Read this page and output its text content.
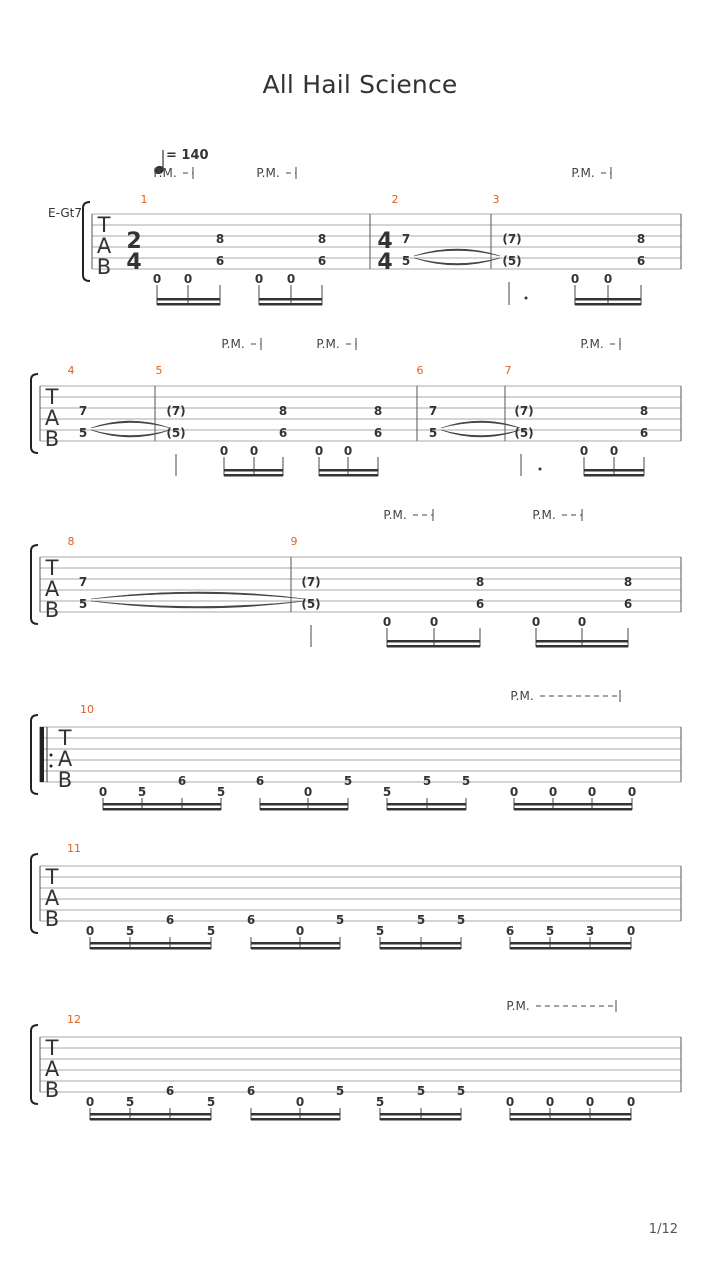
All Hail Science
T
A
B
E-Gt7
= 140
2
4
1
P.M.	P.M.
0 0
8
6
0 0
8
6
4
4
2
7
5
3
(7)
(5)
P.M.
0 0
8
6
T
A
B
4
7
5
5
(7)
(5)
P.M.	P.M.
0 0
8
6
0 0
8
6
6
7
5
7
(7)
(5)
P.M.
0 0
8
6
T
A
B
8
7
5
9
(7)
(5)
P.M.	P.M.
0	0
8
6
0	0
8
6
T
A
B
10
0	5
6
5
6
0
5
5
5	5
0	0	0	0
P.M.
T
A
B
11
0	5
6
5
6
0
5
5
5	5
6	5	3	0
T
A
B
12
0	5
6
5
6
0
5
5
5	5
0	0	0	0
P.M.
1/12
